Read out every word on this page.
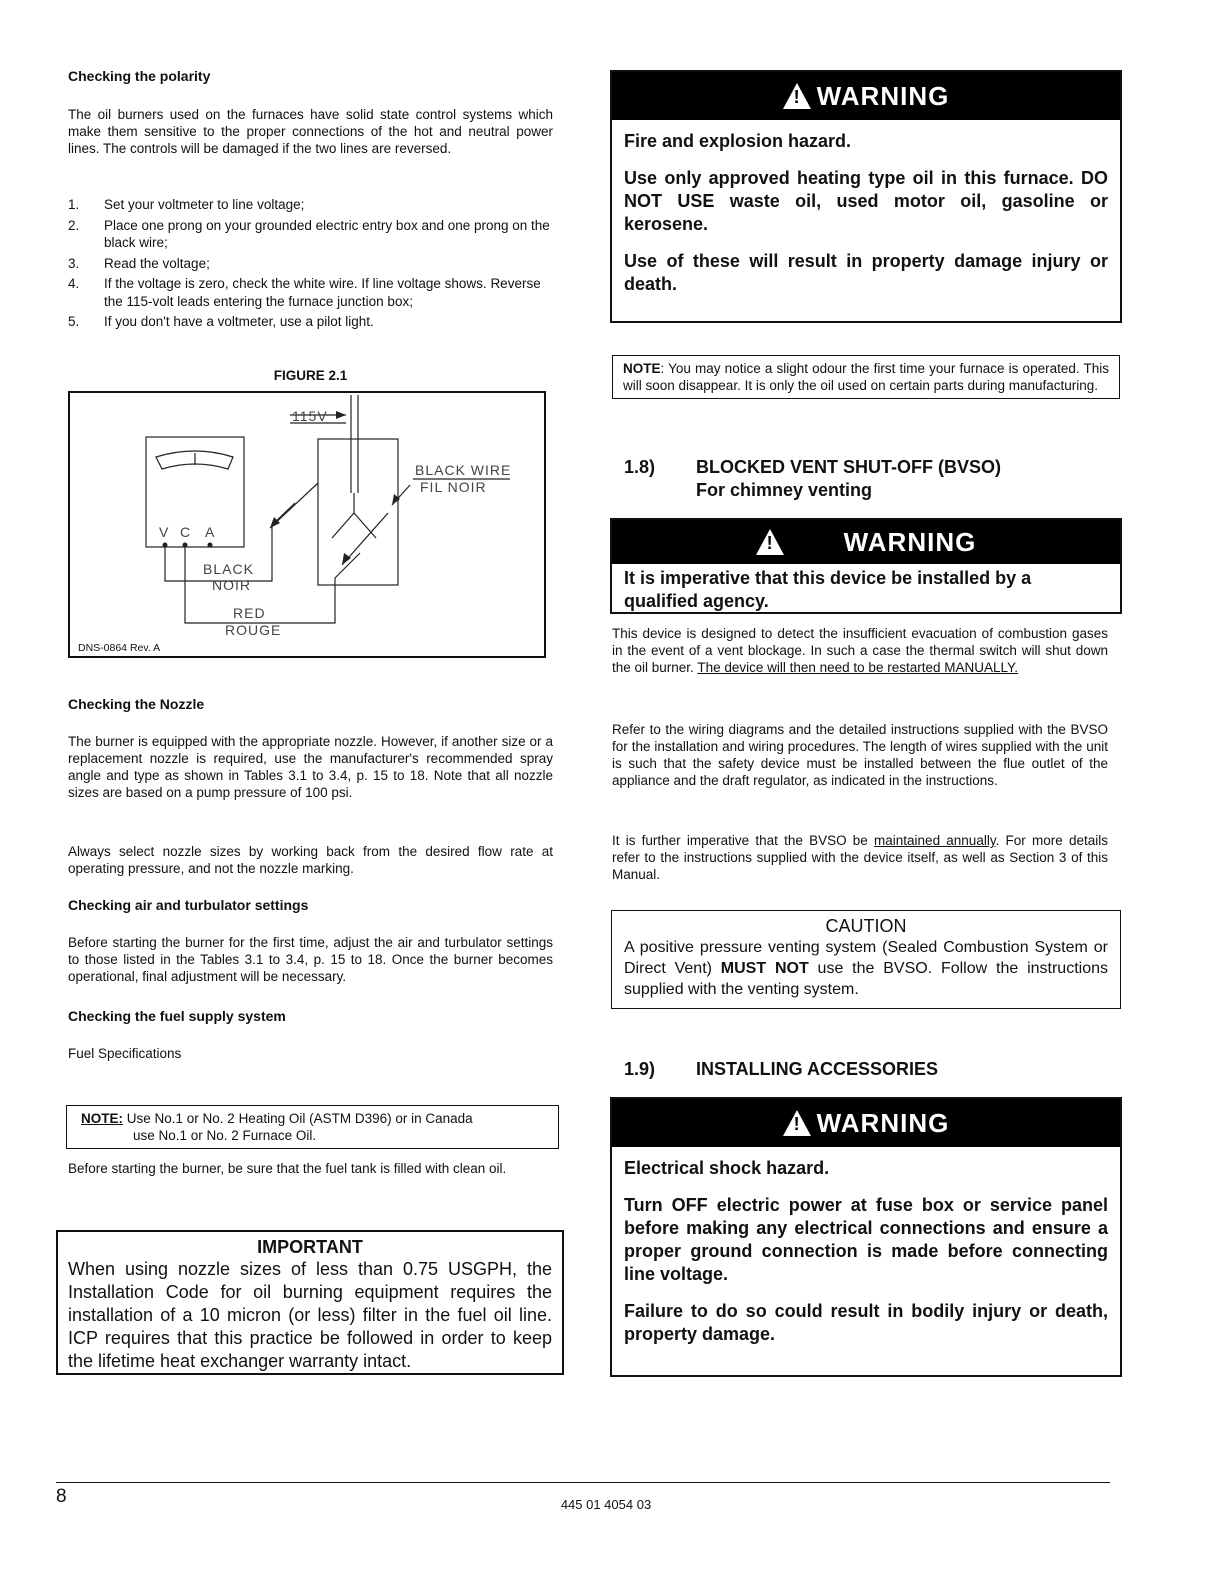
Checking the polarity

The oil burners used on the furnaces have solid state control systems which make them sensitive to the proper connections of the hot and neutral power lines. The controls will be damaged if the two lines are reversed.

1. Set your voltmeter to line voltage;
2. Place one prong on your grounded electric entry box and one prong on the black wire;
3. Read the voltage;
4. If the voltage is zero, check the white wire. If line voltage shows. Reverse the 115-volt leads entering the furnace junction box;
5. If you don't have a voltmeter, use a pilot light.
FIGURE 2.1
115V
BLACK WIRE
FIL NOIR
V C A
BLACK
NOIR
RED
ROUGE
DNS-0864 Rev. A
Checking the Nozzle

The burner is equipped with the appropriate nozzle. However, if another size or a replacement nozzle is required, use the manufacturer's recommended spray angle and type as shown in Tables 3.1 to 3.4, p. 15 to 18. Note that all nozzle sizes are based on a pump pressure of 100 psi.

Always select nozzle sizes by working back from the desired flow rate at operating pressure, and not the nozzle marking.

Checking air and turbulator settings

Before starting the burner for the first time, adjust the air and turbulator settings to those listed in the Tables 3.1 to 3.4, p. 15 to 18. Once the burner becomes operational, final adjustment will be necessary.

Checking the fuel supply system

Fuel Specifications

NOTE: Use No.1 or No. 2 Heating Oil (ASTM D396) or in Canada
use No.1 or No. 2 Furnace Oil.

Before starting the burner, be sure that the fuel tank is filled with clean oil.

IMPORTANT
When using nozzle sizes of less than 0.75 USGPH, the Installation Code for oil burning equipment requires the installation of a 10 micron (or less) filter in the fuel oil line. ICP requires that this practice be followed in order to keep the lifetime heat exchanger warranty intact.
!WARNING
Fire and explosion hazard.
Use only approved heating type oil in this furnace. DO NOT USE waste oil, used motor oil, gasoline or kerosene.
Use of these will result in property damage injury or death.
NOTE: You may notice a slight odour the first time your furnace is operated. This will soon disappear. It is only the oil used on certain parts during manufacturing.
1.8) BLOCKED VENT SHUT-OFF (BVSO)
For chimney venting
!WARNING
It is imperative that this device be installed by a qualified agency.

This device is designed to detect the insufficient evacuation of combustion gases in the event of a vent blockage. In such a case the thermal switch will shut down the oil burner. The device will then need to be restarted MANUALLY.

Refer to the wiring diagrams and the detailed instructions supplied with the BVSO for the installation and wiring procedures. The length of wires supplied with the unit is such that the safety device must be installed between the flue outlet of the appliance and the draft regulator, as indicated in the instructions.

It is further imperative that the BVSO be maintained annually. For more details refer to the instructions supplied with the device itself, as well as Section 3 of this Manual.

CAUTION
A positive pressure venting system (Sealed Combustion System or Direct Vent) MUST NOT use the BVSO. Follow the instructions supplied with the venting system.
1.9) INSTALLING ACCESSORIES
!WARNING
Electrical shock hazard.
Turn OFF electric power at fuse box or service panel before making any electrical connections and ensure a proper ground connection is made before connecting line voltage.
Failure to do so could result in bodily injury or death, property damage.
8	445 01 4054 03
